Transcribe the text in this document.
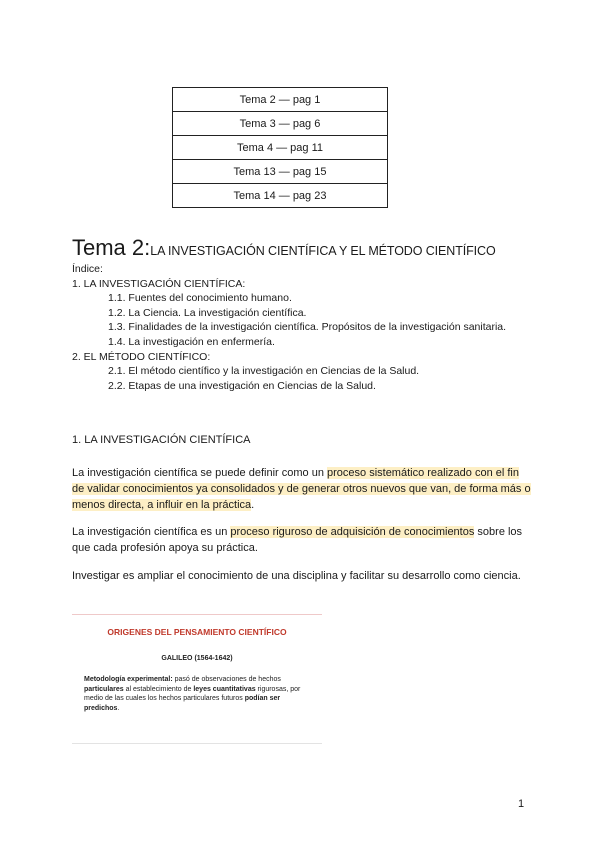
Tema 2 — pag 1
Tema 3 — pag 6
Tema 4 — pag 11
Tema 13 — pag 15
Tema 14 — pag 23
Tema 2:LA INVESTIGACIÓN CIENTÍFICA Y EL MÉTODO CIENTÍFICO
Índice:
1. LA INVESTIGACIÓN CIENTÍFICA:
1.1. Fuentes del conocimiento humano.
1.2. La Ciencia. La investigación científica.
1.3. Finalidades de la investigación científica. Propósitos de la investigación sanitaria.
1.4. La investigación en enfermería.
2. EL MÉTODO CIENTÍFICO:
2.1. El método científico y la investigación en Ciencias de la Salud.
2.2. Etapas de una investigación en Ciencias de la Salud.
1. LA INVESTIGACIÓN CIENTÍFICA

La investigación científica se puede definir como un proceso sistemático realizado con el fin de validar conocimientos ya consolidados y de generar otros nuevos que van, de forma más o menos directa, a influir en la práctica.

La investigación científica es un proceso riguroso de adquisición de conocimientos sobre los que cada profesión apoya su práctica.

Investigar es ampliar el conocimiento de una disciplina y facilitar su desarrollo como ciencia.

ORIGENES DEL PENSAMIENTO CIENTÍFICO
GALILEO (1564-1642)
Metodología experimental: pasó de observaciones de hechos particulares al establecimiento de leyes cuantitativas rigurosas, por medio de las cuales los hechos particulares futuros podían ser predichos.
1
